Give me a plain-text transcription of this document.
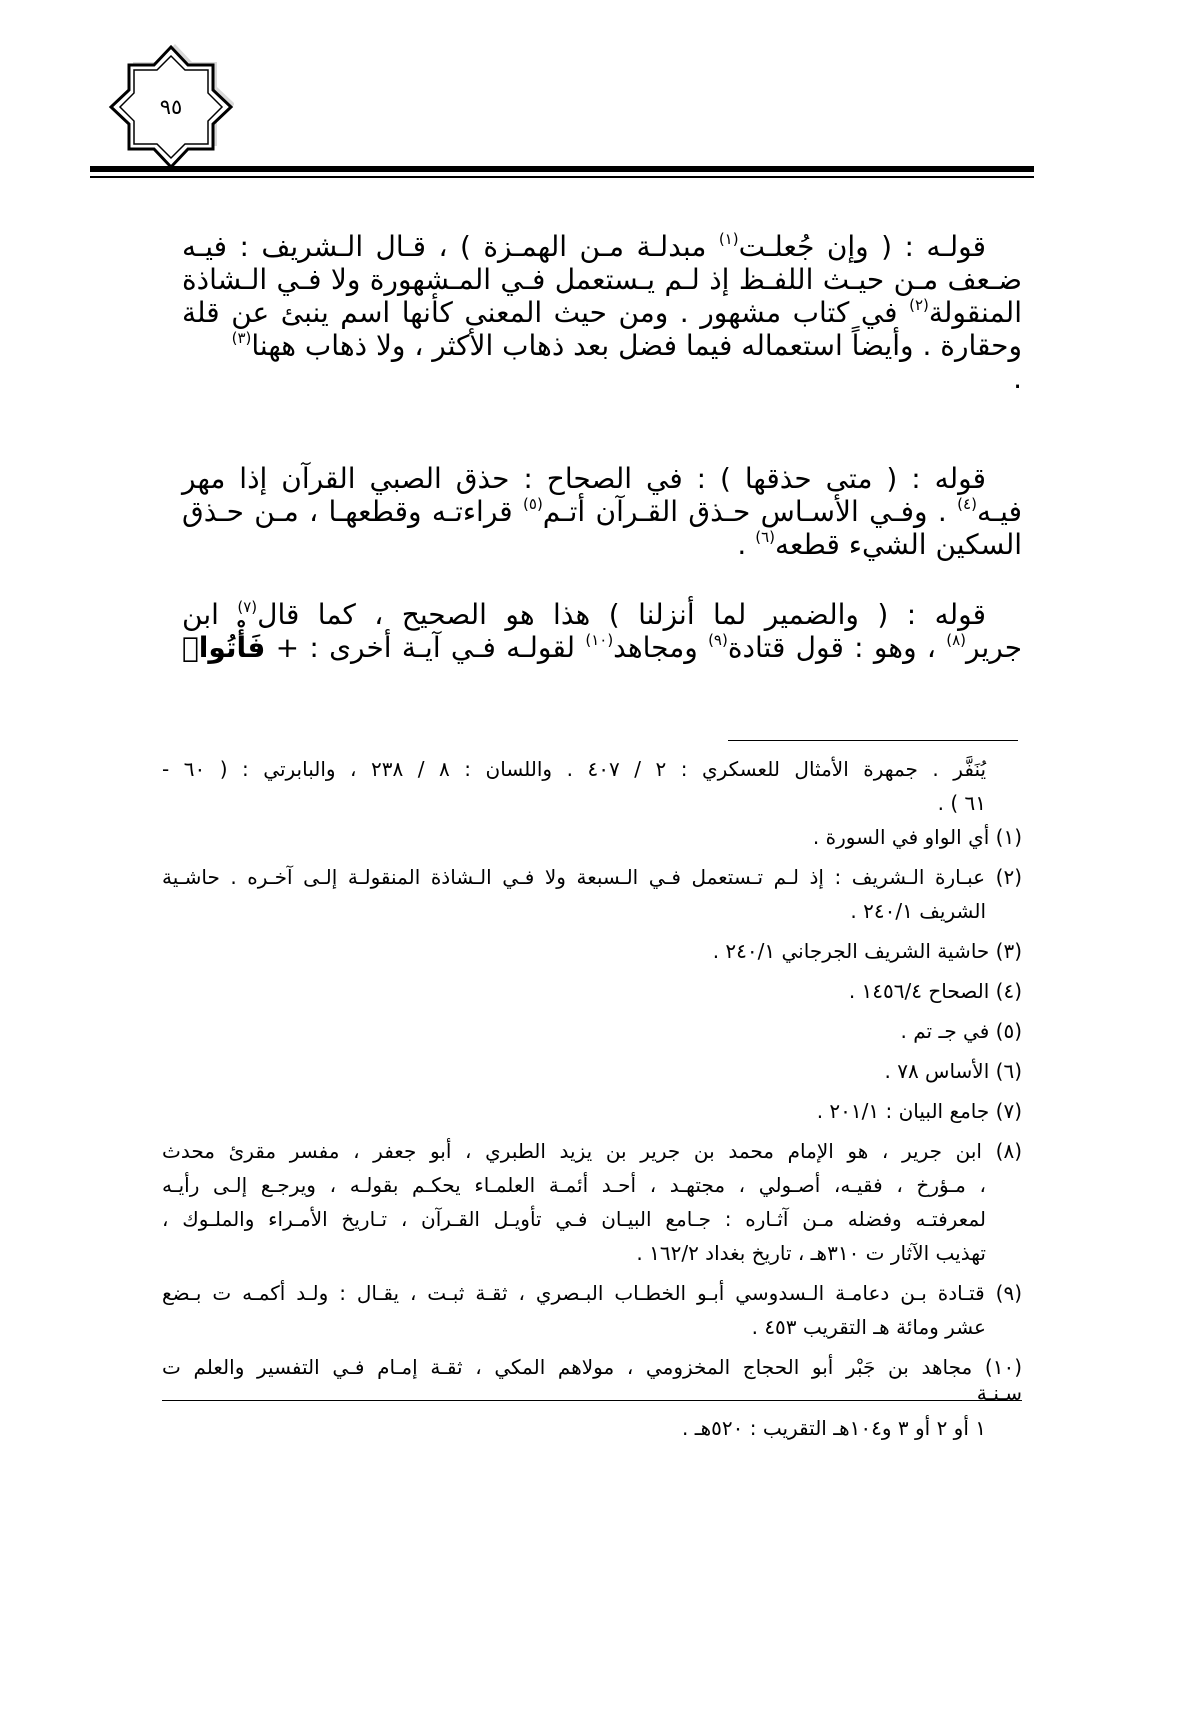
٩٥
قولـه : ( وإن جُعلـت$^{(١)}$ مبدلـة مـن الهمـزة ) ، قـال الـشريف : فيـه
ضـعف مـن حيـث اللفـظ إذ لـم يـستعمل فـي المـشهورة ولا فـي الـشاذة
المنقولة$^{(٢)}$ في كتاب مشهور . ومن حيث المعنى كأنها اسم ينبئ عن قلة
وحقارة . وأيضاً استعماله فيما فضل بعد ذهاب الأكثر ، ولا ذهاب ههنا$^{(٣)}$
.
قوله : ( متى حذقها ) : في الصحاح : حذق الصبي القرآن إذا مهر
فيـه$^{(٤)}$ . وفـي الأسـاس حـذق القـرآن أتـم$^{(٥)}$ قراءتـه وقطعهـا ، مـن حـذق
السكين الشيء قطعه$^{(٦)}$ .
قوله : ( والضمير لما أنزلنا ) هذا هو الصحيح ، كما قال$^{(٧)}$ ابن
جرير$^{(٨)}$ ، وهو : قول قتادة$^{(٩)}$ ومجاهد$^{(١٠)}$ لقولـه فـي آيـة أخرى : + فَأْتُوا۟
يُنَفَّر . جمهرة الأمثال للعسكري : ٢ / ٤٠٧ . واللسان : ٨ / ٢٣٨ ، والبابرتي : ( ٦٠ -
٦١ ) .
(١) أي الواو في السورة .
(٢) عبـارة الـشريف : إذ لـم تـستعمل فـي الـسبعة ولا فـي الـشاذة المنقولـة إلـى آخـره . حاشـية
الشريف ٢٤٠/١ .
(٣) حاشية الشريف الجرجاني ٢٤٠/١ .
(٤) الصحاح ١٤٥٦/٤ .
(٥) في جـ تم .
(٦) الأساس ٧٨ .
(٧) جامع البيان : ٢٠١/١ .
(٨) ابن جرير ، هو الإمام محمد بن جرير بن يزيد الطبري ، أبو جعفر ، مفسر مقرئ محدث
، مـؤرخ ، فقيـه، أصـولي ، مجتهـد ، أحـد أئمـة العلمـاء يحكـم بقولـه ، ويرجـع إلـى رأيـه
لمعرفتـه وفضله مـن آثـاره : جـامع البيـان فـي تأويـل القـرآن ، تـاريخ الأمـراء والملـوك ،
تهذيب الآثار ت ٣١٠هـ ، تاريخ بغداد ١٦٢/٢ .
(٩) قتـادة بـن دعامـة الـسدوسي أبـو الخطـاب البـصري ، ثقـة ثبـت ، يقـال : ولـد أكمـه ت بـضع
عشر ومائة هـ التقريب ٤٥٣ .
(١٠) مجاهد بن جَبْر أبو الحجاج المخزومي ، مولاهم المكي ، ثقـة إمـام فـي التفسير والعلم ت
سـنـة
١ أو ٢ أو ٣ و١٠٤هـ التقريب : ٥٢٠هـ .
